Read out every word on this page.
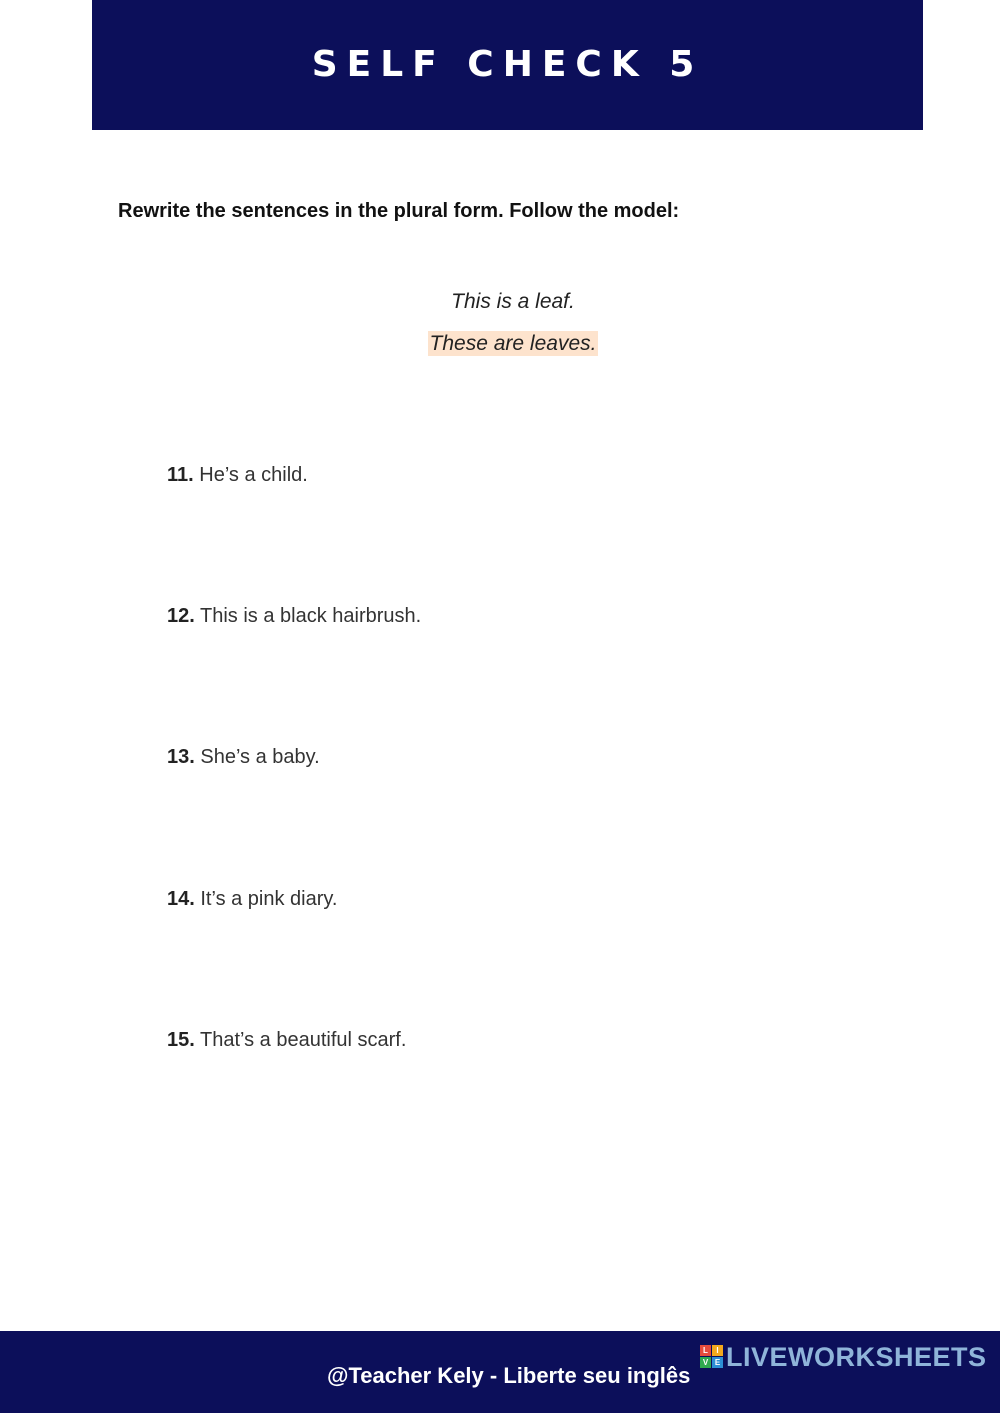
SELF CHECK 5
Rewrite the sentences in the plural form. Follow the model:
This is a leaf.
These are leaves.
11. He’s a child.
12. This is a black hairbrush.
13. She’s a baby.
14. It’s a pink diary.
15. That’s a beautiful scarf.
@Teacher Kely - Liberte seu inglês
L	I
V E LIVEWORKSHEETS
